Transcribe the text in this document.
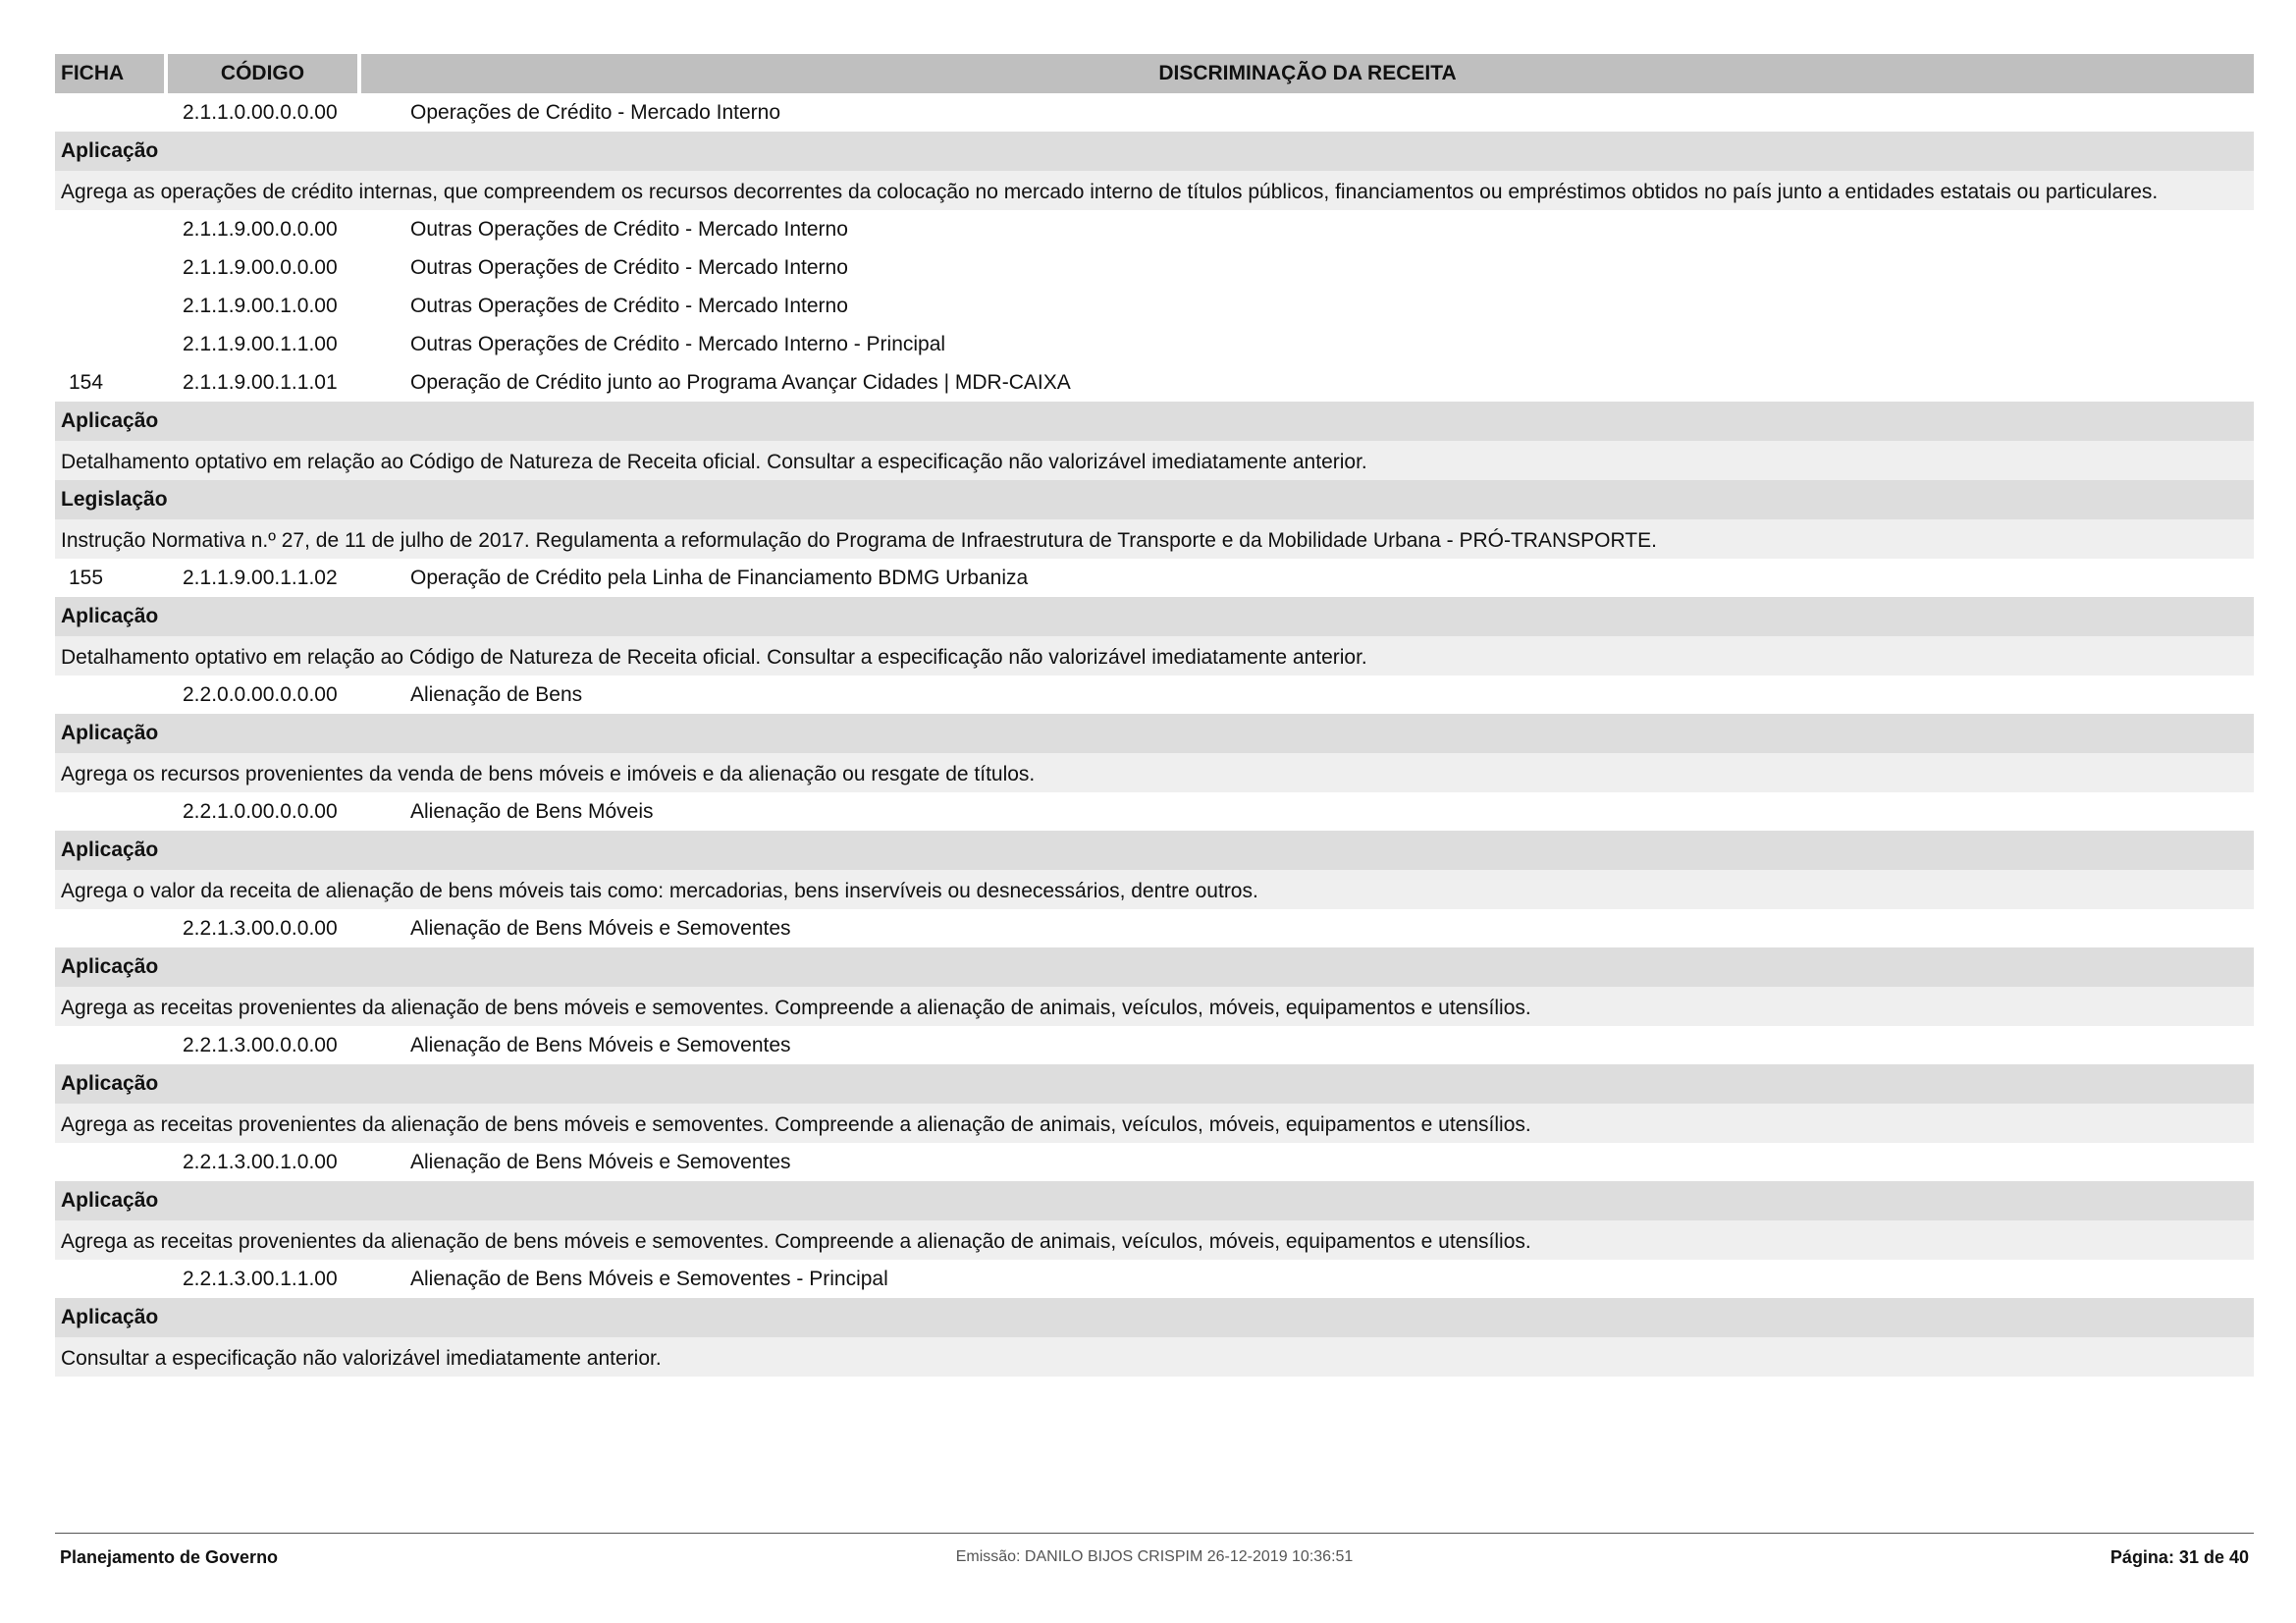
FICHA	CÓDIGO	DISCRIMINAÇÃO DA RECEITA
2.1.1.0.00.0.0.00	Operações de Crédito - Mercado Interno
Aplicação
Agrega as operações de crédito internas, que compreendem os recursos decorrentes da colocação no mercado interno de títulos públicos, financiamentos ou empréstimos obtidos no país junto a entidades estatais ou particulares.
2.1.1.9.00.0.0.00	Outras Operações de Crédito - Mercado Interno
2.1.1.9.00.0.0.00	Outras Operações de Crédito - Mercado Interno
2.1.1.9.00.1.0.00	Outras Operações de Crédito - Mercado Interno
2.1.1.9.00.1.1.00	Outras Operações de Crédito - Mercado Interno - Principal
154	2.1.1.9.00.1.1.01	Operação de Crédito junto ao Programa Avançar Cidades | MDR-CAIXA
Aplicação
Detalhamento optativo em relação ao Código de Natureza de Receita oficial. Consultar a especificação não valorizável imediatamente anterior.
Legislação
Instrução Normativa n.º 27, de 11 de julho de 2017. Regulamenta a reformulação do Programa de Infraestrutura de Transporte e da Mobilidade Urbana - PRÓ-TRANSPORTE.
155	2.1.1.9.00.1.1.02	Operação de Crédito pela Linha de Financiamento BDMG Urbaniza
Aplicação
Detalhamento optativo em relação ao Código de Natureza de Receita oficial. Consultar a especificação não valorizável imediatamente anterior.
2.2.0.0.00.0.0.00	Alienação de Bens
Aplicação
Agrega os recursos provenientes da venda de bens móveis e imóveis e da alienação ou resgate de títulos.
2.2.1.0.00.0.0.00	Alienação de Bens Móveis
Aplicação
Agrega o valor da receita de alienação de bens móveis tais como: mercadorias, bens inservíveis ou desnecessários, dentre outros.
2.2.1.3.00.0.0.00	Alienação de Bens Móveis e Semoventes
Aplicação
Agrega as receitas provenientes da alienação de bens móveis e semoventes. Compreende a alienação de animais, veículos, móveis, equipamentos e utensílios.
2.2.1.3.00.0.0.00	Alienação de Bens Móveis e Semoventes
Aplicação
Agrega as receitas provenientes da alienação de bens móveis e semoventes. Compreende a alienação de animais, veículos, móveis, equipamentos e utensílios.
2.2.1.3.00.1.0.00	Alienação de Bens Móveis e Semoventes
Aplicação
Agrega as receitas provenientes da alienação de bens móveis e semoventes. Compreende a alienação de animais, veículos, móveis, equipamentos e utensílios.
2.2.1.3.00.1.1.00	Alienação de Bens Móveis e Semoventes - Principal
Aplicação
Consultar a especificação não valorizável imediatamente anterior.
Planejamento de Governo	Emissão: DANILO BIJOS CRISPIM 26-12-2019 10:36:51	Página: 31 de 40
